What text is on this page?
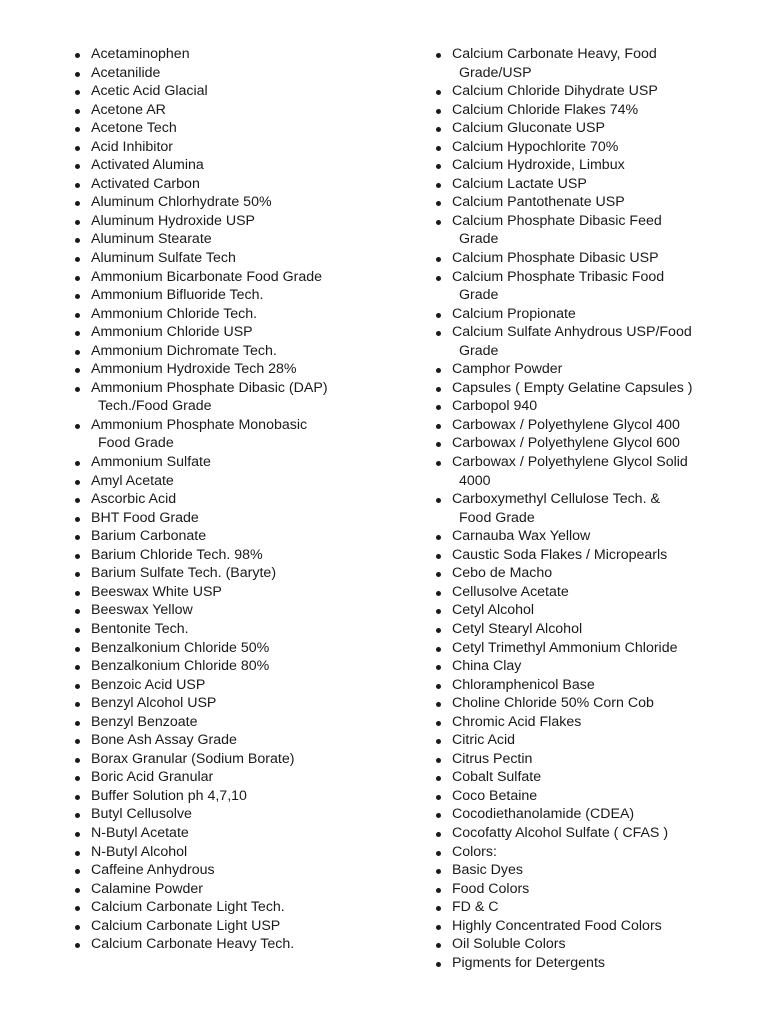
Acetaminophen
Acetanilide
Acetic Acid Glacial
Acetone AR
Acetone Tech
Acid Inhibitor
Activated Alumina
Activated Carbon
Aluminum Chlorhydrate 50%
Aluminum Hydroxide USP
Aluminum Stearate
Aluminum Sulfate Tech
Ammonium Bicarbonate Food Grade
Ammonium Bifluoride Tech.
Ammonium Chloride Tech.
Ammonium Chloride USP
Ammonium Dichromate Tech.
Ammonium Hydroxide Tech 28%
Ammonium Phosphate Dibasic (DAP)
Tech./Food Grade
Ammonium Phosphate Monobasic
Food Grade
Ammonium Sulfate
Amyl Acetate
Ascorbic Acid
BHT Food Grade
Barium Carbonate
Barium Chloride Tech. 98%
Barium Sulfate Tech. (Baryte)
Beeswax White USP
Beeswax Yellow
Bentonite Tech.
Benzalkonium Chloride 50%
Benzalkonium Chloride 80%
Benzoic Acid USP
Benzyl Alcohol USP
Benzyl Benzoate
Bone Ash Assay Grade
Borax Granular (Sodium Borate)
Boric Acid Granular
Buffer Solution ph 4,7,10
Butyl Cellusolve
N-Butyl Acetate
N-Butyl Alcohol
Caffeine Anhydrous
Calamine Powder
Calcium Carbonate Light Tech.
Calcium Carbonate Light USP
Calcium Carbonate Heavy Tech.
Calcium Carbonate Heavy, Food
Grade/USP
Calcium Chloride Dihydrate USP
Calcium Chloride Flakes 74%
Calcium Gluconate USP
Calcium Hypochlorite 70%
Calcium Hydroxide, Limbux
Calcium Lactate USP
Calcium Pantothenate USP
Calcium Phosphate Dibasic Feed
Grade
Calcium Phosphate Dibasic USP
Calcium Phosphate Tribasic Food
Grade
Calcium Propionate
Calcium Sulfate Anhydrous USP/Food
Grade
Camphor Powder
Capsules ( Empty Gelatine Capsules )
Carbopol 940
Carbowax / Polyethylene Glycol 400
Carbowax / Polyethylene Glycol 600
Carbowax / Polyethylene Glycol Solid
4000
Carboxymethyl Cellulose Tech. &
Food Grade
Carnauba Wax Yellow
Caustic Soda Flakes / Micropearls
Cebo de Macho
Cellusolve Acetate
Cetyl Alcohol
Cetyl Stearyl Alcohol
Cetyl Trimethyl Ammonium Chloride
China Clay
Chloramphenicol Base
Choline Chloride 50% Corn Cob
Chromic Acid Flakes
Citric Acid
Citrus Pectin
Cobalt Sulfate
Coco Betaine
Cocodiethanolamide (CDEA)
Cocofatty Alcohol Sulfate ( CFAS )
Colors:
Basic Dyes
Food Colors
FD & C
Highly Concentrated Food Colors
Oil Soluble Colors
Pigments for Detergents
